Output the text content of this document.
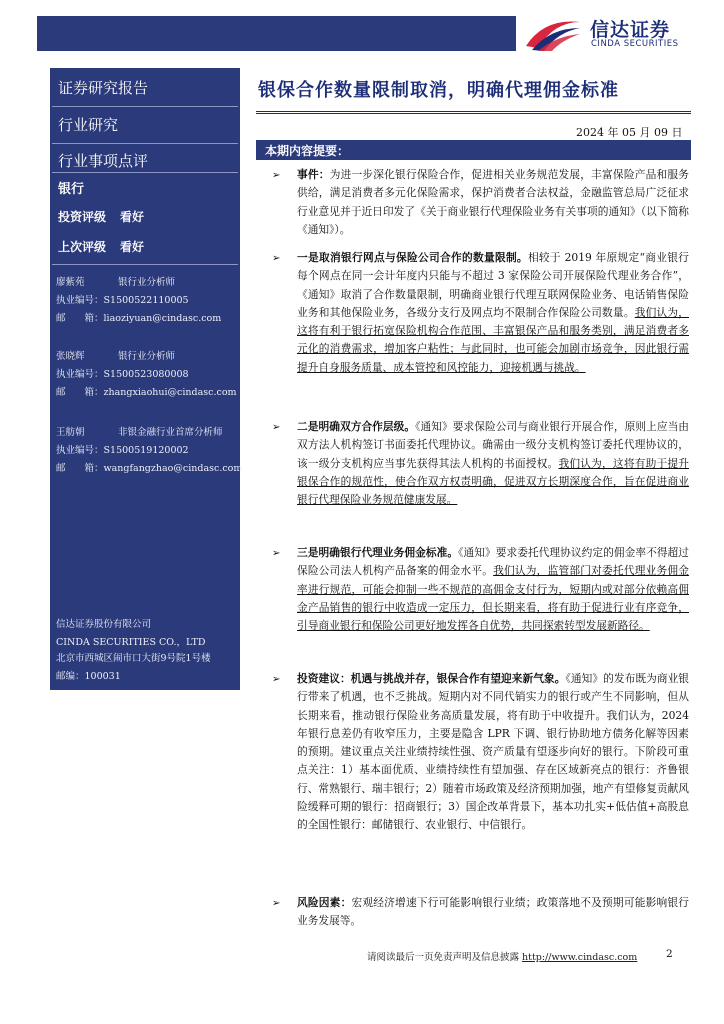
信达证券
CINDA SECURITIES
证券研究报告
行业研究
行业事项点评
银行
投资评级 看好
上次评级 看好
廖紫苑	银行业分析师
执业编号：S1500522110005
邮　　箱：liaoziyuan@cindasc.com
张晓辉	银行业分析师
执业编号：S1500523080008
邮　　箱：zhangxiaohui@cindasc.com
王舫朝	非银金融行业首席分析师
执业编号：S1500519120002
邮　　箱：wangfangzhao@cindasc.com
信达证券股份有限公司
CINDA SECURITIES CO.，LTD
北京市西城区闹市口大街9号院1号楼
邮编：100031
银保合作数量限制取消，明确代理佣金标准
2024 年 05 月 09 日
本期内容提要：
➢ 事件：为进一步深化银行保险合作，促进相关业务规范发展，丰富保险产品和服务供给，满足消费者多元化保险需求，保护消费者合法权益，金融监管总局广泛征求行业意见并于近日印发了《关于商业银行代理保险业务有关事项的通知》（以下简称《通知》）。
➢ 一是取消银行网点与保险公司合作的数量限制。相较于 2019 年原规定“商业银行每个网点在同一会计年度内只能与不超过 3 家保险公司开展保险代理业务合作”，《通知》取消了合作数量限制，明确商业银行代理互联网保险业务、电话销售保险业务和其他保险业务，各级分支行及网点均不限制合作保险公司数量。我们认为，这将有利于银行拓宽保险机构合作范围、丰富银保产品和服务类别，满足消费者多元化的消费需求，增加客户粘性；与此同时，也可能会加剧市场竞争，因此银行需提升自身服务质量、成本管控和风控能力，迎接机遇与挑战。
➢ 二是明确双方合作层级。《通知》要求保险公司与商业银行开展合作，原则上应当由双方法人机构签订书面委托代理协议。确需由一级分支机构签订委托代理协议的，该一级分支机构应当事先获得其法人机构的书面授权。我们认为，这将有助于提升银保合作的规范性，使合作双方权责明确，促进双方长期深度合作，旨在促进商业银行代理保险业务规范健康发展。
➢ 三是明确银行代理业务佣金标准。《通知》要求委托代理协议约定的佣金率不得超过保险公司法人机构产品备案的佣金水平。我们认为，监管部门对委托代理业务佣金率进行规范，可能会抑制一些不规范的高佣金支付行为，短期内或对部分依赖高佣金产品销售的银行中收造成一定压力，但长期来看，将有助于促进行业有序竞争，引导商业银行和保险公司更好地发挥各自优势，共同探索转型发展新路径。
➢ 投资建议：机遇与挑战并存，银保合作有望迎来新气象。《通知》的发布既为商业银行带来了机遇，也不乏挑战。短期内对不同代销实力的银行或产生不同影响，但从长期来看，推动银行保险业务高质量发展，将有助于中收提升。我们认为，2024 年银行息差仍有收窄压力，主要是隐含 LPR 下调、银行协助地方债务化解等因素的预期。建议重点关注业绩持续性强、资产质量有望逐步向好的银行。下阶段可重点关注：1）基本面优质、业绩持续性有望加强、存在区域新亮点的银行：齐鲁银行、常熟银行、瑞丰银行；2）随着市场政策及经济预期加强，地产有望修复贡献风险缓释可期的银行：招商银行；3）国企改革背景下，基本功扎实+低估值+高股息的全国性银行：邮储银行、农业银行、中信银行。
➢ 风险因素：宏观经济增速下行可能影响银行业绩；政策落地不及预期可能影响银行业务发展等。
请阅读最后一页免责声明及信息披露 http://www.cindasc.com	2
